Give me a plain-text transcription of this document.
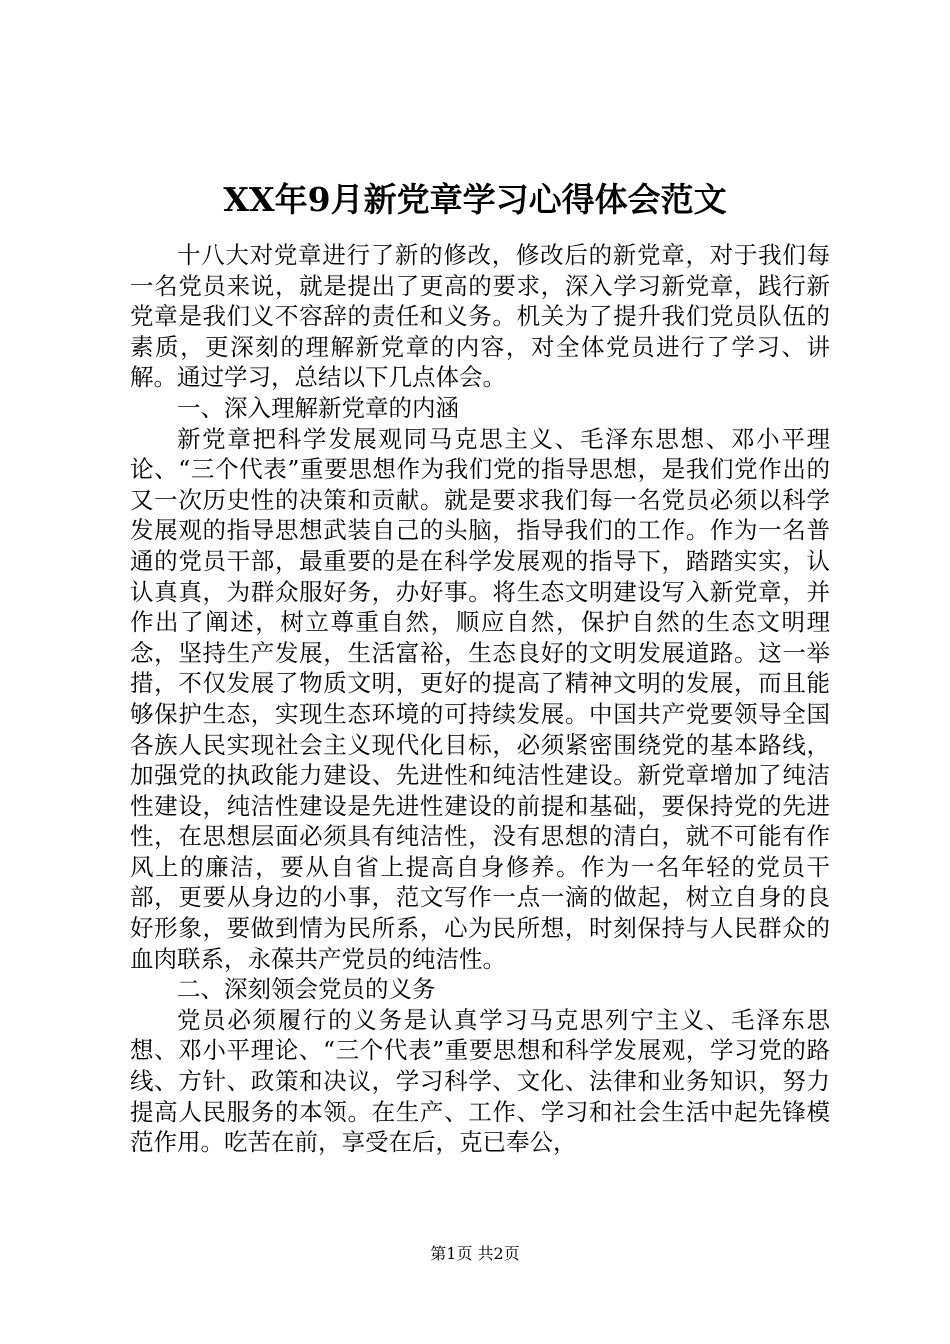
XX年9月新党章学习心得体会范文

十八大对党章进行了新的修改，修改后的新党章，对于我们每一名党员来说，就是提出了更高的要求，深入学习新党章，践行新党章是我们义不容辞的责任和义务。机关为了提升我们党员队伍的素质，更深刻的理解新党章的内容，对全体党员进行了学习、讲解。通过学习，总结以下几点体会。

一、深入理解新党章的内涵

新党章把科学发展观同马克思主义、毛泽东思想、邓小平理论、“三个代表”重要思想作为我们党的指导思想，是我们党作出的又一次历史性的决策和贡献。就是要求我们每一名党员必须以科学发展观的指导思想武装自己的头脑，指导我们的工作。作为一名普通的党员干部，最重要的是在科学发展观的指导下，踏踏实实，认认真真，为群众服好务，办好事。将生态文明建设写入新党章，并作出了阐述，树立尊重自然，顺应自然，保护自然的生态文明理念，坚持生产发展，生活富裕，生态良好的文明发展道路。这一举措，不仅发展了物质文明，更好的提高了精神文明的发展，而且能够保护生态，实现生态环境的可持续发展。中国共产党要领导全国各族人民实现社会主义现代化目标，必须紧密围绕党的基本路线，加强党的执政能力建设、先进性和纯洁性建设。新党章增加了纯洁性建设，纯洁性建设是先进性建设的前提和基础，要保持党的先进性，在思想层面必须具有纯洁性，没有思想的清白，就不可能有作风上的廉洁，要从自省上提高自身修养。作为一名年轻的党员干部，更要从身边的小事，范文写作一点一滴的做起，树立自身的良好形象，要做到情为民所系，心为民所想，时刻保持与人民群众的血肉联系，永葆共产党员的纯洁性。

二、深刻领会党员的义务

党员必须履行的义务是认真学习马克思列宁主义、毛泽东思想、邓小平理论、“三个代表”重要思想和科学发展观，学习党的路线、方针、政策和决议，学习科学、文化、法律和业务知识，努力提高人民服务的本领。在生产、工作、学习和社会生活中起先锋模范作用。吃苦在前，享受在后，克已奉公，

第1页 共2页
